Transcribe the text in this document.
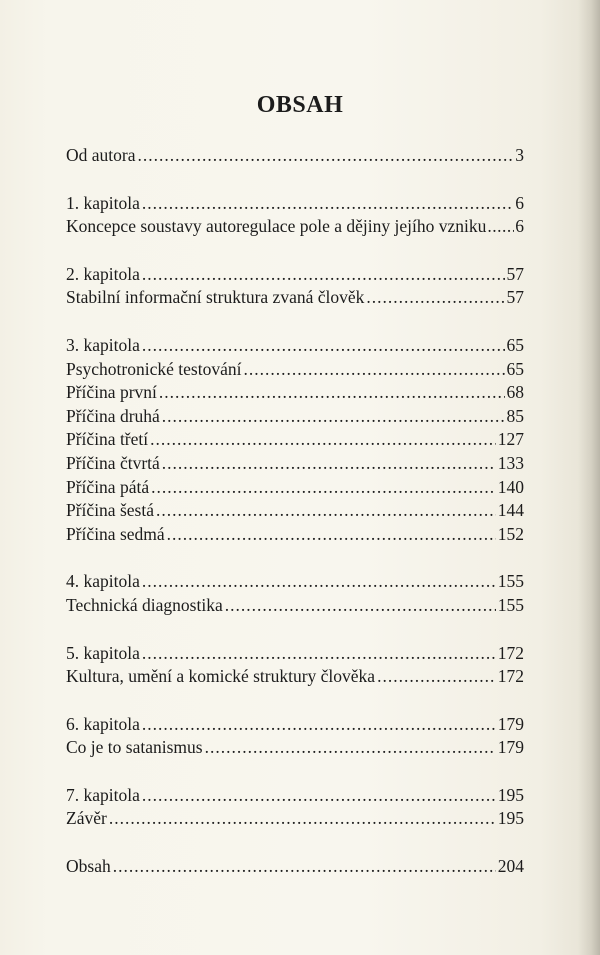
OBSAH
Od autora .....	3
1. kapitola .....	6
Koncepce soustavy autoregulace pole a dějiny jejího vzniku ..... 6
2. kapitola .....	57
Stabilní informační struktura zvaná člověk .....	57
3. kapitola .....	65
Psychotronické testování .....	65
Příčina první .....	68
Příčina druhá .....	85
Příčina třetí .....	127
Příčina čtvrtá .....	133
Příčina pátá .....	140
Příčina šestá .....	144
Příčina sedmá .....	152
4. kapitola .....	155
Technická diagnostika .....	155
5. kapitola .....	172
Kultura, umění a komické struktury člověka .....	172
6. kapitola .....	179
Co je to satanismus .....	179
7. kapitola .....	195
Závěr .....	195
Obsah .....	204
